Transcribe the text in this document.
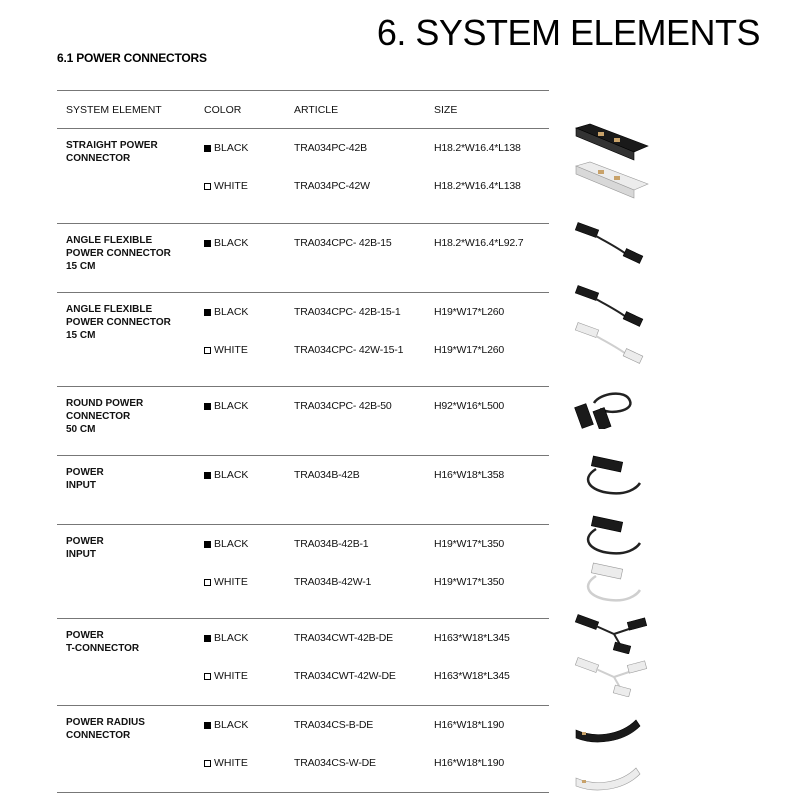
6. SYSTEM ELEMENTS
6.1 POWER CONNECTORS
SYSTEM ELEMENT	COLOR	ARTICLE	SIZE
STRAIGHT POWER
CONNECTOR
BLACK	TRA034PC-42B	H18.2*W16.4*L138
WHITE	TRA034PC-42W	H18.2*W16.4*L138
ANGLE FLEXIBLE
POWER CONNECTOR
15 CM
BLACK	TRA034CPC- 42B-15	H18.2*W16.4*L92.7
ANGLE FLEXIBLE
POWER CONNECTOR
15 CM
BLACK	TRA034CPC- 42B-15-1	H19*W17*L260
WHITE	TRA034CPC- 42W-15-1	H19*W17*L260
ROUND POWER
CONNECTOR
50 CM
BLACK	TRA034CPC- 42B-50	H92*W16*L500
POWER
INPUT
BLACK	TRA034B-42B	H16*W18*L358
POWER
INPUT
BLACK	TRA034B-42B-1	H19*W17*L350
WHITE	TRA034B-42W-1	H19*W17*L350
POWER
T-CONNECTOR
BLACK	TRA034CWT-42B-DE	H163*W18*L345
WHITE	TRA034CWT-42W-DE	H163*W18*L345
POWER RADIUS
CONNECTOR
BLACK	TRA034CS-B-DE	H16*W18*L190
WHITE	TRA034CS-W-DE	H16*W18*L190
